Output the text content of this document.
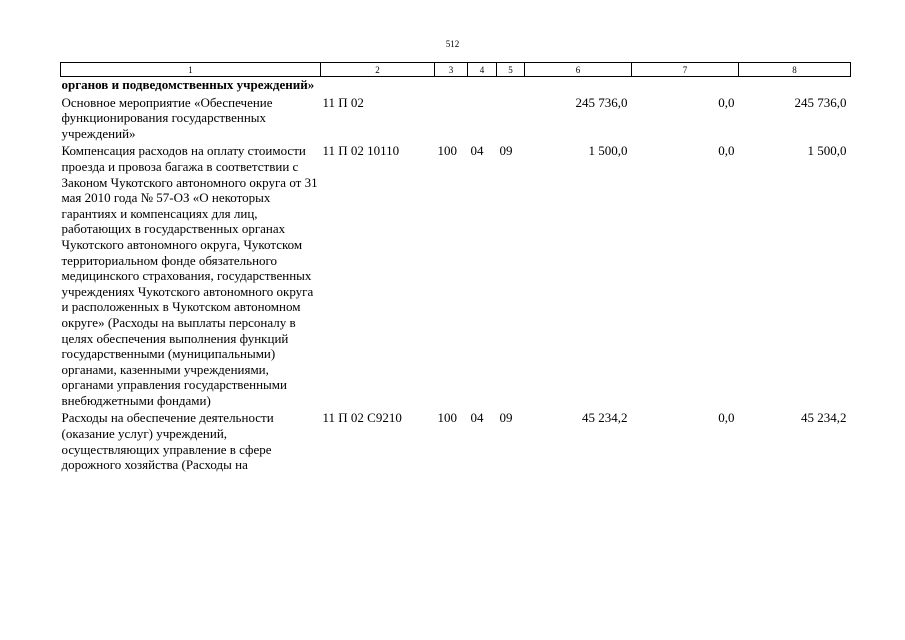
512
1	2	3	4	5	6	7	8
органов и подведомственных учреждений»							
Основное мероприятие «Обеспечение функционирования государственных учреждений»	11 П 02				245 736,0	0,0	245 736,0
Компенсация расходов на оплату стоимости проезда и провоза багажа в соответствии с Законом Чукотского автономного округа от 31 мая 2010 года № 57-ОЗ «О некоторых гарантиях и компенсациях для лиц, работающих в государственных органах Чукотского автономного округа, Чукотском территориальном фонде обязательного медицинского страхования, государственных учреждениях Чукотского автономного округа и расположенных в Чукотском автономном округе» (Расходы на выплаты персоналу в целях обеспечения выполнения функций государственными (муниципальными) органами, казенными учреждениями, органами управления государственными внебюджетными фондами)	11 П 02 10110	100	04	09	1 500,0	0,0	1 500,0
Расходы на обеспечение деятельности (оказание услуг) учреждений, осуществляющих управление в сфере дорожного хозяйства (Расходы на	11 П 02 С9210	100	04	09	45 234,2	0,0	45 234,2
